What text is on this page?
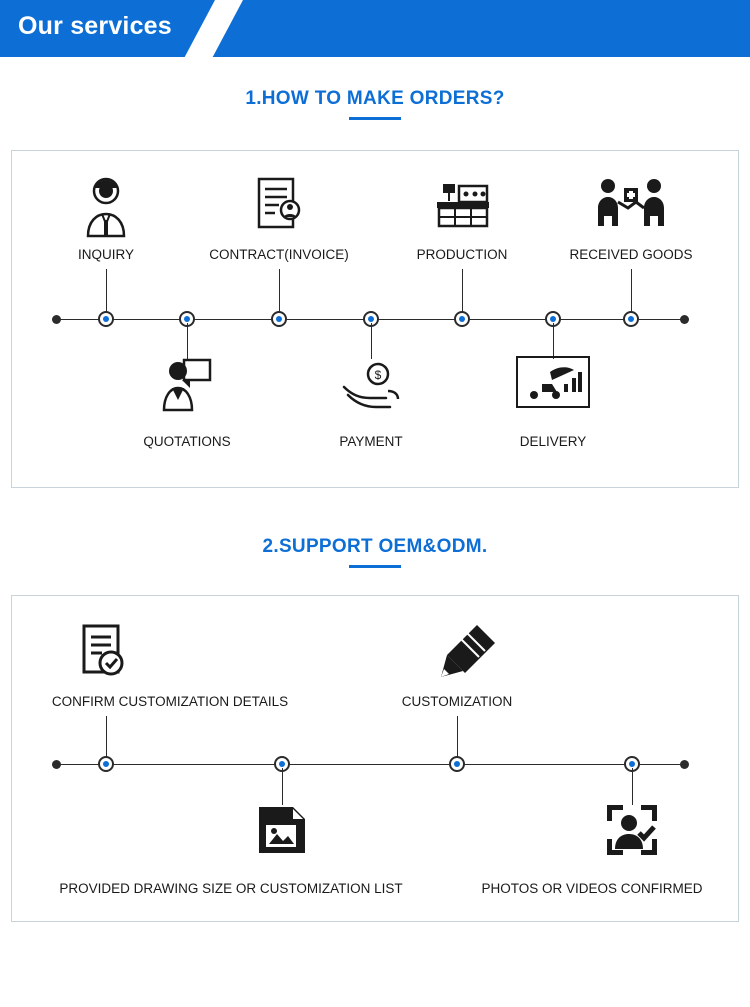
Our services
1.HOW TO MAKE ORDERS?
INQUIRY	CONTRACT(INVOICE)	PRODUCTION	RECEIVED GOODS
$
QUOTATIONS	PAYMENT	DELIVERY
2.SUPPORT OEM&ODM.
CONFIRM CUSTOMIZATION DETAILS	CUSTOMIZATION
PROVIDED DRAWING SIZE OR CUSTOMIZATION LIST	PHOTOS OR VIDEOS CONFIRMED
